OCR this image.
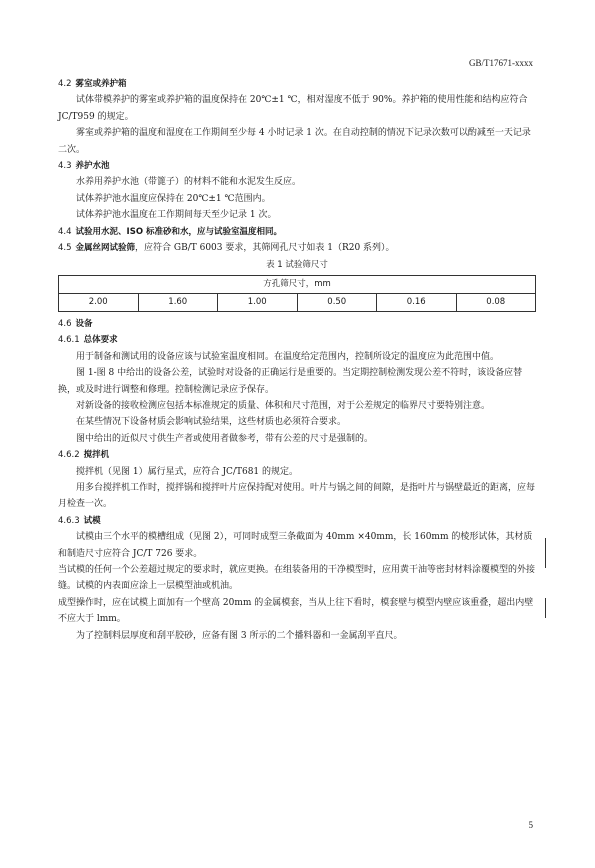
GB/T17671-xxxx
4.2 雾室或养护箱

试体带模养护的雾室或养护箱的温度保持在 20℃±1 ℃，相对湿度不低于 90%。养护箱的使用性能和结构应符合 JC/T959 的规定。

雾室或养护箱的温度和湿度在工作期间至少每 4 小时记录 1 次。在自动控制的情况下记录次数可以酌减至一天记录二次。

4.3 养护水池

水养用养护水池（带篦子）的材料不能和水泥发生反应。

试体养护池水温度应保持在 20℃±1 ℃范围内。

试体养护池水温度在工作期间每天至少记录 1 次。

4.4 试验用水泥、ISO 标准砂和水，应与试验室温度相同。
4.5 金属丝网试验筛，应符合 GB/T 6003 要求，其筛网孔尺寸如表 1（R20 系列）。
表 1 试验筛尺寸
方孔筛尺寸，mm
2.00	1.60	1.00	0.50	0.16	0.08
4.6 设备
4.6.1 总体要求

用于制备和测试用的设备应该与试验室温度相同。在温度给定范围内，控制所设定的温度应为此范围中值。

图 1-图 8 中给出的设备公差，试验时对设备的正确运行是重要的。当定期控制检测发现公差不符时，该设备应替换，或及时进行调整和修理。控制检测记录应予保存。

对新设备的接收检测应包括本标准规定的质量、体积和尺寸范围，对于公差规定的临界尺寸要特别注意。

在某些情况下设备材质会影响试验结果，这些材质也必须符合要求。

图中给出的近似尺寸供生产者或使用者做参考，带有公差的尺寸是强制的。

4.6.2 搅拌机

搅拌机（见图 1）属行星式，应符合 JC/T681 的规定。

用多台搅拌机工作时，搅拌锅和搅拌叶片应保持配对使用。叶片与锅之间的间隙，是指叶片与锅壁最近的距离，应每月检查一次。

4.6.3 试模

试模由三个水平的模槽组成（见图 2），可同时成型三条截面为 40mm ×40mm，长 160mm 的棱形试体，其材质和制造尺寸应符合 JC/T 726 要求。

当试模的任何一个公差超过规定的要求时，就应更换。在组装备用的干净模型时，应用黄干油等密封材料涂覆模型的外接缝。试模的内表面应涂上一层模型油或机油。

成型操作时，应在试模上面加有一个壁高 20mm 的金属模套，当从上往下看时，模套壁与模型内壁应该重叠，超出内壁不应大于 lmm。

为了控制料层厚度和刮平胶砂，应备有图 3 所示的二个播料器和一金属刮平直尺。

5
